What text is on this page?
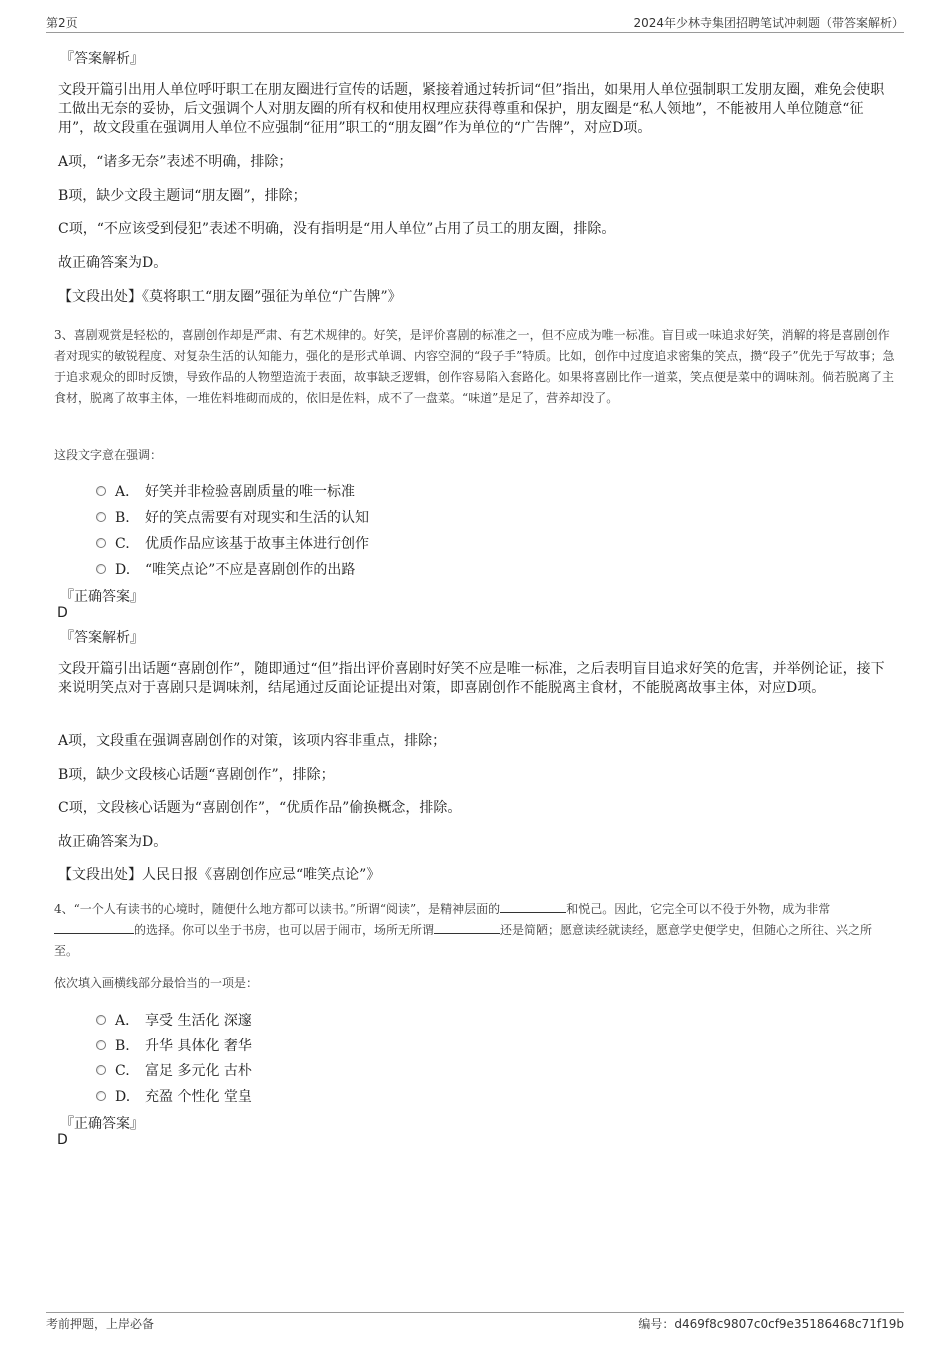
第2页	2024年少林寺集团招聘笔试冲刺题（带答案解析）
『答案解析』
文段开篇引出用人单位呼吁职工在朋友圈进行宣传的话题，紧接着通过转折词“但”指出，如果用人单位强制职工发朋友圈，难免会使职工做出无奈的妥协，后文强调个人对朋友圈的所有权和使用权理应获得尊重和保护，朋友圈是“私人领地”，不能被用人单位随意“征用”，故文段重在强调用人单位不应强制“征用”职工的“朋友圈”作为单位的“广告牌”，对应D项。
A项，“诸多无奈”表述不明确，排除；
B项，缺少文段主题词“朋友圈”，排除；
C项，“不应该受到侵犯”表述不明确，没有指明是“用人单位”占用了员工的朋友圈，排除。
故正确答案为D。
【文段出处】《莫将职工“朋友圈”强征为单位“广告牌”》
3、喜剧观赏是轻松的，喜剧创作却是严肃、有艺术规律的。好笑，是评价喜剧的标准之一，但不应成为唯一标准。盲目或一味追求好笑，消解的将是喜剧创作者对现实的敏锐程度、对复杂生活的认知能力，强化的是形式单调、内容空洞的“段子手”特质。比如，创作中过度追求密集的笑点，攒“段子”优先于写故事；急于追求观众的即时反馈，导致作品的人物塑造流于表面，故事缺乏逻辑，创作容易陷入套路化。如果将喜剧比作一道菜，笑点便是菜中的调味剂。倘若脱离了主食材，脱离了故事主体，一堆佐料堆砌而成的，依旧是佐料，成不了一盘菜。“味道”是足了，营养却没了。
这段文字意在强调：
A． 好笑并非检验喜剧质量的唯一标准
B. 好的笑点需要有对现实和生活的认知
C. 优质作品应该基于故事主体进行创作
D. “唯笑点论”不应是喜剧创作的出路
『正确答案』
D
『答案解析』
文段开篇引出话题“喜剧创作”，随即通过“但”指出评价喜剧时好笑不应是唯一标准，之后表明盲目追求好笑的危害，并举例论证，接下来说明笑点对于喜剧只是调味剂，结尾通过反面论证提出对策，即喜剧创作不能脱离主食材，不能脱离故事主体，对应D项。
A项，文段重在强调喜剧创作的对策，该项内容非重点，排除；
B项，缺少文段核心话题“喜剧创作”，排除；
C项，文段核心话题为“喜剧创作”，“优质作品”偷换概念，排除。
故正确答案为D。
【文段出处】人民日报《喜剧创作应忌“唯笑点论”》
4、“一个人有读书的心境时，随便什么地方都可以读书。”所谓“阅读”，是精神层面的	和悦己。因此，它完全可以不役于外物，成为非常的选择。你可以坐于书房，也可以居于闹市，场所无所谓	还是简陋；愿意读经就读经，愿意学史便学史，但随心之所往、兴之所至。
依次填入画横线部分最恰当的一项是：
A． 享受 生活化 深邃
B. 升华 具体化 奢华
C. 富足 多元化 古朴
D. 充盈 个性化 堂皇
『正确答案』
D
考前押题，上岸必备	编号：d469f8c9807c0cf9e35186468c71f19b
